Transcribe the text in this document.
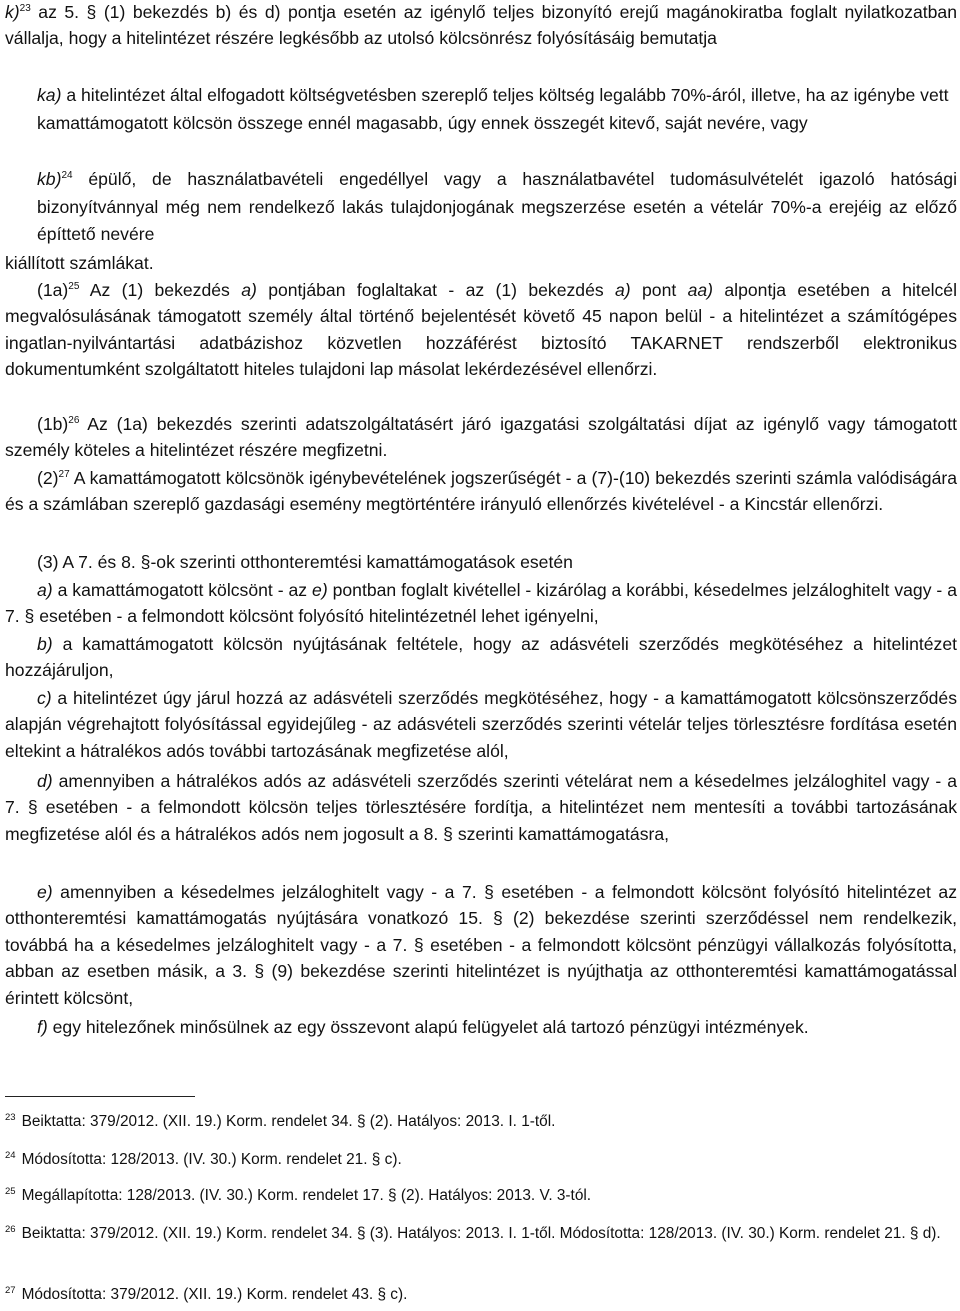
k)$^{23}$ az 5. § (1) bekezdés b) és d) pontja esetén az igénylő teljes bizonyító erejű magánokiratba foglalt nyilatkozatban vállalja, hogy a hitelintézet részére legkésőbb az utolsó kölcsönrész folyósításáig bemutatja

ka) a hitelintézet által elfogadott költségvetésben szereplő teljes költség legalább 70%-áról, illetve, ha az igénybe vett kamattámogatott kölcsön összege ennél magasabb, úgy ennek összegét kitevő, saját nevére, vagy

kb)$^{24}$ épülő, de használatbavételi engedéllyel vagy a használatbavétel tudomásulvételét igazoló hatósági bizonyítvánnyal még nem rendelkező lakás tulajdonjogának megszerzése esetén a vételár 70%-a erejéig az előző építtető nevére

kiállított számlákat.

$(1a)^{25}$ Az (1) bekezdés a) pontjában foglaltakat - az (1) bekezdés a) pont aa) alpontja esetében a hitelcél megvalósulásának támogatott személy által történő bejelentését követő 45 napon belül - a hitelintézet a számítógépes ingatlan-nyilvántartási adatbázishoz közvetlen hozzáférést biztosító TAKARNET rendszerből elektronikus dokumentumként szolgáltatott hiteles tulajdoni lap másolat lekérdezésével ellenőrzi.

$(1b)^{26}$ Az (1a) bekezdés szerinti adatszolgáltatásért járó igazgatási szolgáltatási díjat az igénylő vagy támogatott személy köteles a hitelintézet részére megfizetni.

$(2)^{27}$ A kamattámogatott kölcsönök igénybevételének jogszerűségét - a (7)-(10) bekezdés szerinti számla valódiságára és a számlában szereplő gazdasági esemény megtörténtére irányuló ellenőrzés kivételével - a Kincstár ellenőrzi.

(3) A 7. és 8. §-ok szerinti otthonteremtési kamattámogatások esetén

a) a kamattámogatott kölcsönt - az e) pontban foglalt kivétellel - kizárólag a korábbi, késedelmes jelzáloghitelt vagy - a 7. § esetében - a felmondott kölcsönt folyósító hitelintézetnél lehet igényelni,

b) a kamattámogatott kölcsön nyújtásának feltétele, hogy az adásvételi szerződés megkötéséhez a hitelintézet hozzájáruljon,

c) a hitelintézet úgy járul hozzá az adásvételi szerződés megkötéséhez, hogy - a kamattámogatott kölcsönszerződés alapján végrehajtott folyósítással egyidejűleg - az adásvételi szerződés szerinti vételár teljes törlesztésre fordítása esetén eltekint a hátralékos adós további tartozásának megfizetése alól,

d) amennyiben a hátralékos adós az adásvételi szerződés szerinti vételárat nem a késedelmes jelzáloghitel vagy - a 7. § esetében - a felmondott kölcsön teljes törlesztésére fordítja, a hitelintézet nem mentesíti a további tartozásának megfizetése alól és a hátralékos adós nem jogosult a 8. § szerinti kamattámogatásra,

e) amennyiben a késedelmes jelzáloghitelt vagy - a 7. § esetében - a felmondott kölcsönt folyósító hitelintézet az otthonteremtési kamattámogatás nyújtására vonatkozó 15. § (2) bekezdése szerinti szerződéssel nem rendelkezik, továbbá ha a késedelmes jelzáloghitelt vagy - a 7. § esetében - a felmondott kölcsönt pénzügyi vállalkozás folyósította, abban az esetben másik, a 3. § (9) bekezdése szerinti hitelintézet is nyújthatja az otthonteremtési kamattámogatással érintett kölcsönt,

f) egy hitelezőnek minősülnek az egy összevont alapú felügyelet alá tartozó pénzügyi intézmények.

$^{23}$ Beiktatta: 379/2012. (XII. 19.) Korm. rendelet 34. § (2). Hatályos: 2013. I. 1-től.

$^{24}$ Módosította: 128/2013. (IV. 30.) Korm. rendelet 21. § c).

$^{25}$ Megállapította: 128/2013. (IV. 30.) Korm. rendelet 17. § (2). Hatályos: 2013. V. 3-tól.

$^{26}$ Beiktatta: 379/2012. (XII. 19.) Korm. rendelet 34. § (3). Hatályos: 2013. I. 1-től. Módosította: 128/2013. (IV. 30.) Korm. rendelet 21. § d).

$^{27}$ Módosította: 379/2012. (XII. 19.) Korm. rendelet 43. § c).
